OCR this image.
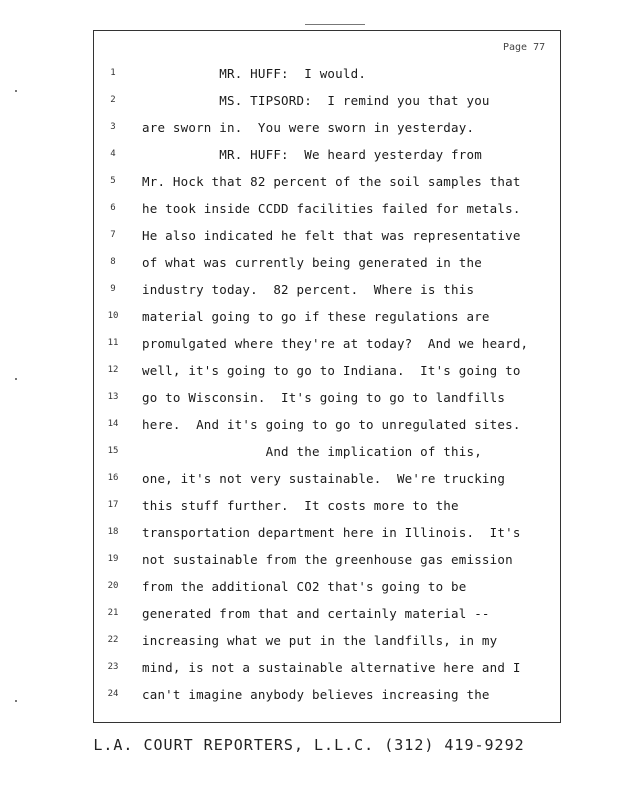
Page 77
1	MR. HUFF:  I would.
2	MS. TIPSORD:  I remind you that you
3	are sworn in.  You were sworn in yesterday.
4	MR. HUFF:  We heard yesterday from
5	Mr. Hock that 82 percent of the soil samples that
6	he took inside CCDD facilities failed for metals.
7	He also indicated he felt that was representative
8	of what was currently being generated in the
9	industry today.  82 percent.  Where is this
10	material going to go if these regulations are
11	promulgated where they're at today?  And we heard,
12	well, it's going to go to Indiana.  It's going to
13	go to Wisconsin.  It's going to go to landfills
14	here.  And it's going to go to unregulated sites.
15	And the implication of this,
16	one, it's not very sustainable.  We're trucking
17	this stuff further.  It costs more to the
18	transportation department here in Illinois.  It's
19	not sustainable from the greenhouse gas emission
20	from the additional CO2 that's going to be
21	generated from that and certainly material --
22	increasing what we put in the landfills, in my
23	mind, is not a sustainable alternative here and I
24	can't imagine anybody believes increasing the
L.A. COURT REPORTERS, L.L.C. (312) 419-9292
